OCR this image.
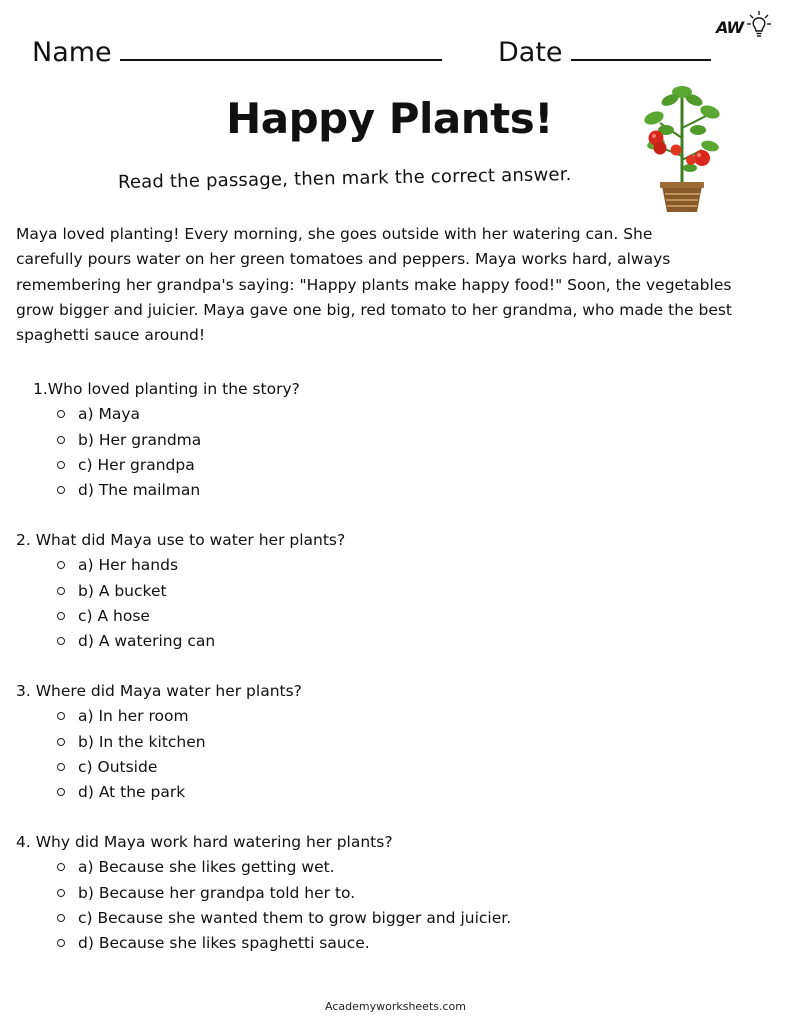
AW
Name	Date
Happy Plants!
Read the passage, then mark the correct answer.
Maya loved planting! Every morning, she goes outside with her watering can. She
carefully pours water on her green tomatoes and peppers. Maya works hard, always
remembering her grandpa's saying: "Happy plants make happy food!" Soon, the vegetables
grow bigger and juicier. Maya gave one big, red tomato to her grandma, who made the best
spaghetti sauce around!
1.Who loved planting in the story?
a) Maya
b) Her grandma
c) Her grandpa
d) The mailman
2. What did Maya use to water her plants?
a) Her hands
b) A bucket
c) A hose
d) A watering can
3. Where did Maya water her plants?
a) In her room
b) In the kitchen
c) Outside
d) At the park
4. Why did Maya work hard watering her plants?
a) Because she likes getting wet.
b) Because her grandpa told her to.
c) Because she wanted them to grow bigger and juicier.
d) Because she likes spaghetti sauce.
Academyworksheets.com
